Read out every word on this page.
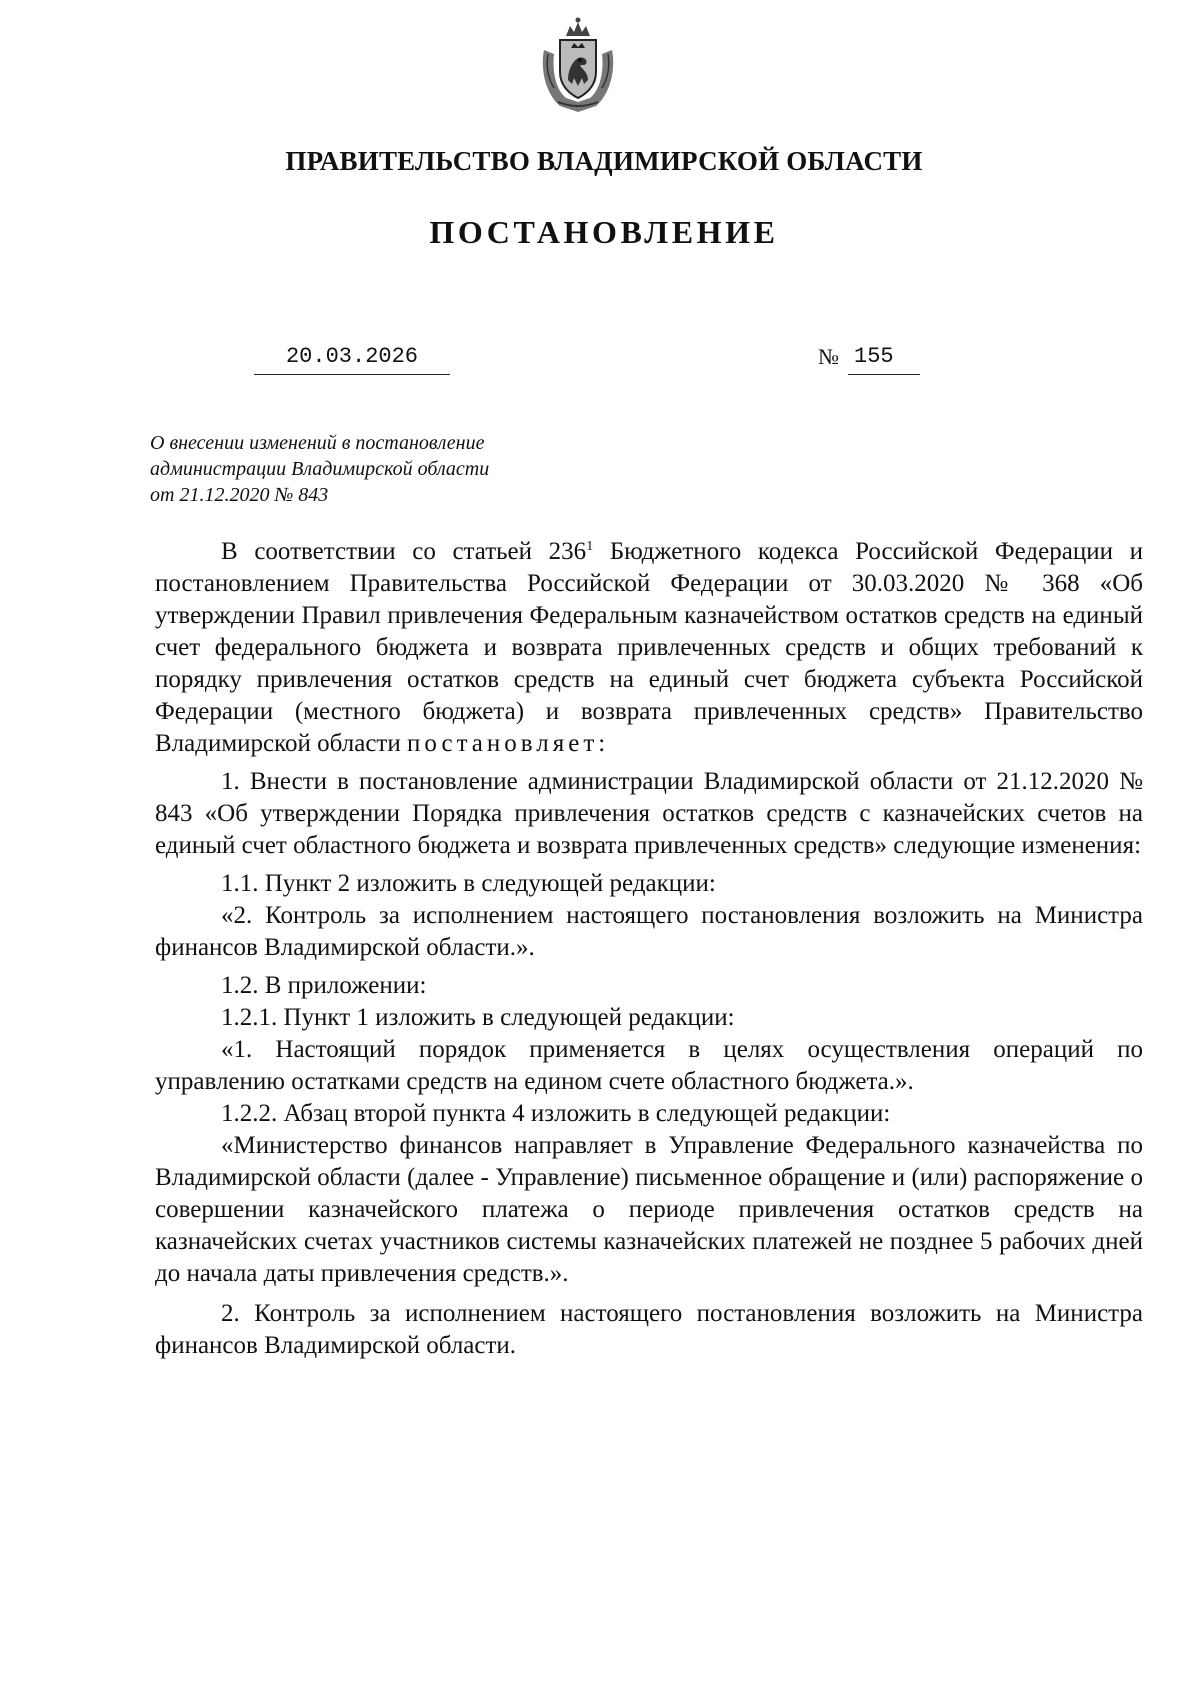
ПРАВИТЕЛЬСТВО ВЛАДИМИРСКОЙ ОБЛАСТИ
ПОСТАНОВЛЕНИЕ
20.03.2026	№ 155
О внесении изменений в постановление
администрации Владимирской области
от 21.12.2020 № 843

В соответствии со статьей $236^1$ Бюджетного кодекса Российской Федерации и постановлением Правительства Российской Федерации от 30.03.2020 № 368 «Об утверждении Правил привлечения Федеральным казначейством остатков средств на единый счет федерального бюджета и возврата привлеченных средств и общих требований к порядку привлечения остатков средств на единый счет бюджета субъекта Российской Федерации (местного бюджета) и возврата привлеченных средств» Правительство Владимирской области постановляет:

1. Внести в постановление администрации Владимирской области от 21.12.2020 № 843 «Об утверждении Порядка привлечения остатков средств с казначейских счетов на единый счет областного бюджета и возврата привлеченных средств» следующие изменения:

1.1. Пункт 2 изложить в следующей редакции:

«2. Контроль за исполнением настоящего постановления возложить на Министра финансов Владимирской области.».

1.2. В приложении:

1.2.1. Пункт 1 изложить в следующей редакции:

«1. Настоящий порядок применяется в целях осуществления операций по управлению остатками средств на едином счете областного бюджета.».

1.2.2. Абзац второй пункта 4 изложить в следующей редакции:

«Министерство финансов направляет в Управление Федерального казначейства по Владимирской области (далее - Управление) письменное обращение и (или) распоряжение о совершении казначейского платежа о периоде привлечения остатков средств на казначейских счетах участников системы казначейских платежей не позднее 5 рабочих дней до начала даты привлечения средств.».

2. Контроль за исполнением настоящего постановления возложить на Министра финансов Владимирской области.
